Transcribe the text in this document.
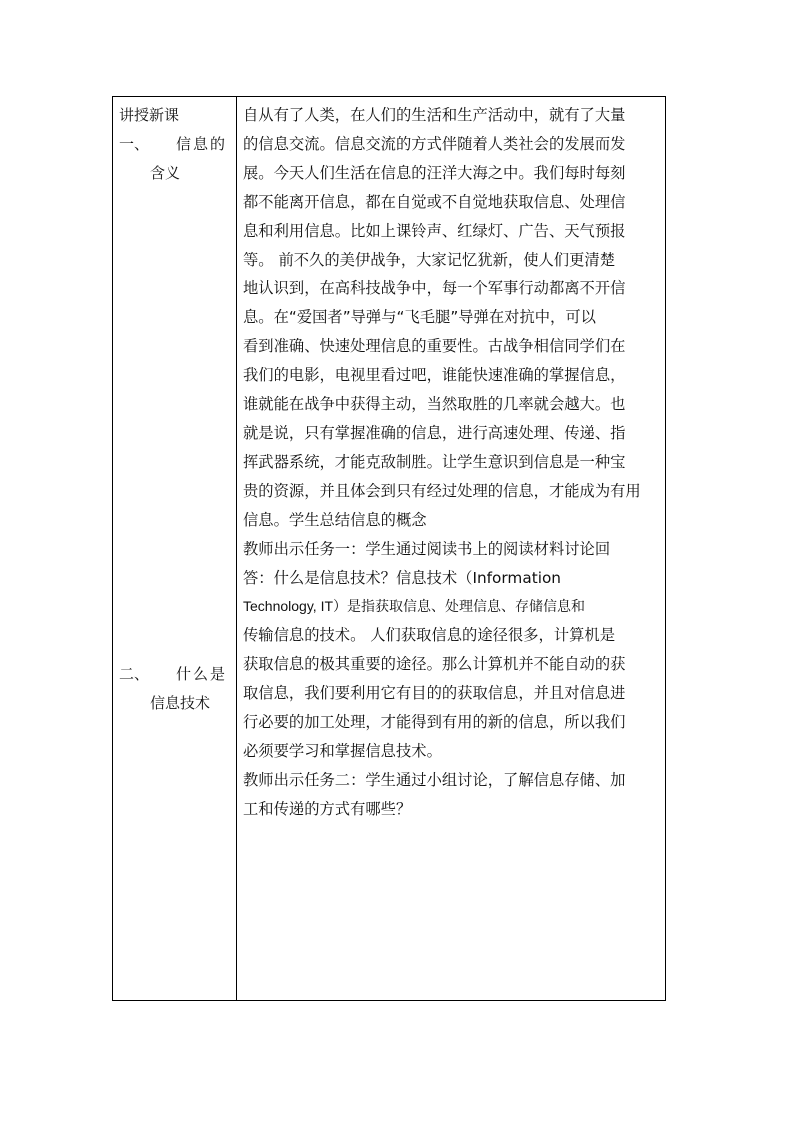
讲授新课
一、 信息的
含义
二、 什么是
信息技术
自从有了人类，在人们的生活和生产活动中，就有了大量
的信息交流。信息交流的方式伴随着人类社会的发展而发
展。今天人们生活在信息的汪洋大海之中。我们每时每刻
都不能离开信息，都在自觉或不自觉地获取信息、处理信
息和利用信息。比如上课铃声、红绿灯、广告、天气预报
等。 前不久的美伊战争，大家记忆犹新，使人们更清楚
地认识到，在高科技战争中，每一个军事行动都离不开信
息。在“爱国者”导弹与“飞毛腿”导弹在对抗中，可以
看到准确、快速处理信息的重要性。古战争相信同学们在
我们的电影，电视里看过吧，谁能快速准确的掌握信息，
谁就能在战争中获得主动，当然取胜的几率就会越大。也
就是说，只有掌握准确的信息，进行高速处理、传递、指
挥武器系统，才能克敌制胜。让学生意识到信息是一种宝
贵的资源，并且体会到只有经过处理的信息，才能成为有用
信息。学生总结信息的概念
教师出示任务一：学生通过阅读书上的阅读材料讨论回
答：什么是信息技术？信息技术（Information
Technology, IT）是指获取信息、处理信息、存储信息和
传输信息的技术。 人们获取信息的途径很多，计算机是
获取信息的极其重要的途径。那么计算机并不能自动的获
取信息，我们要利用它有目的的获取信息，并且对信息进
行必要的加工处理，才能得到有用的新的信息，所以我们
必须要学习和掌握信息技术。
教师出示任务二：学生通过小组讨论，了解信息存储、加
工和传递的方式有哪些？
